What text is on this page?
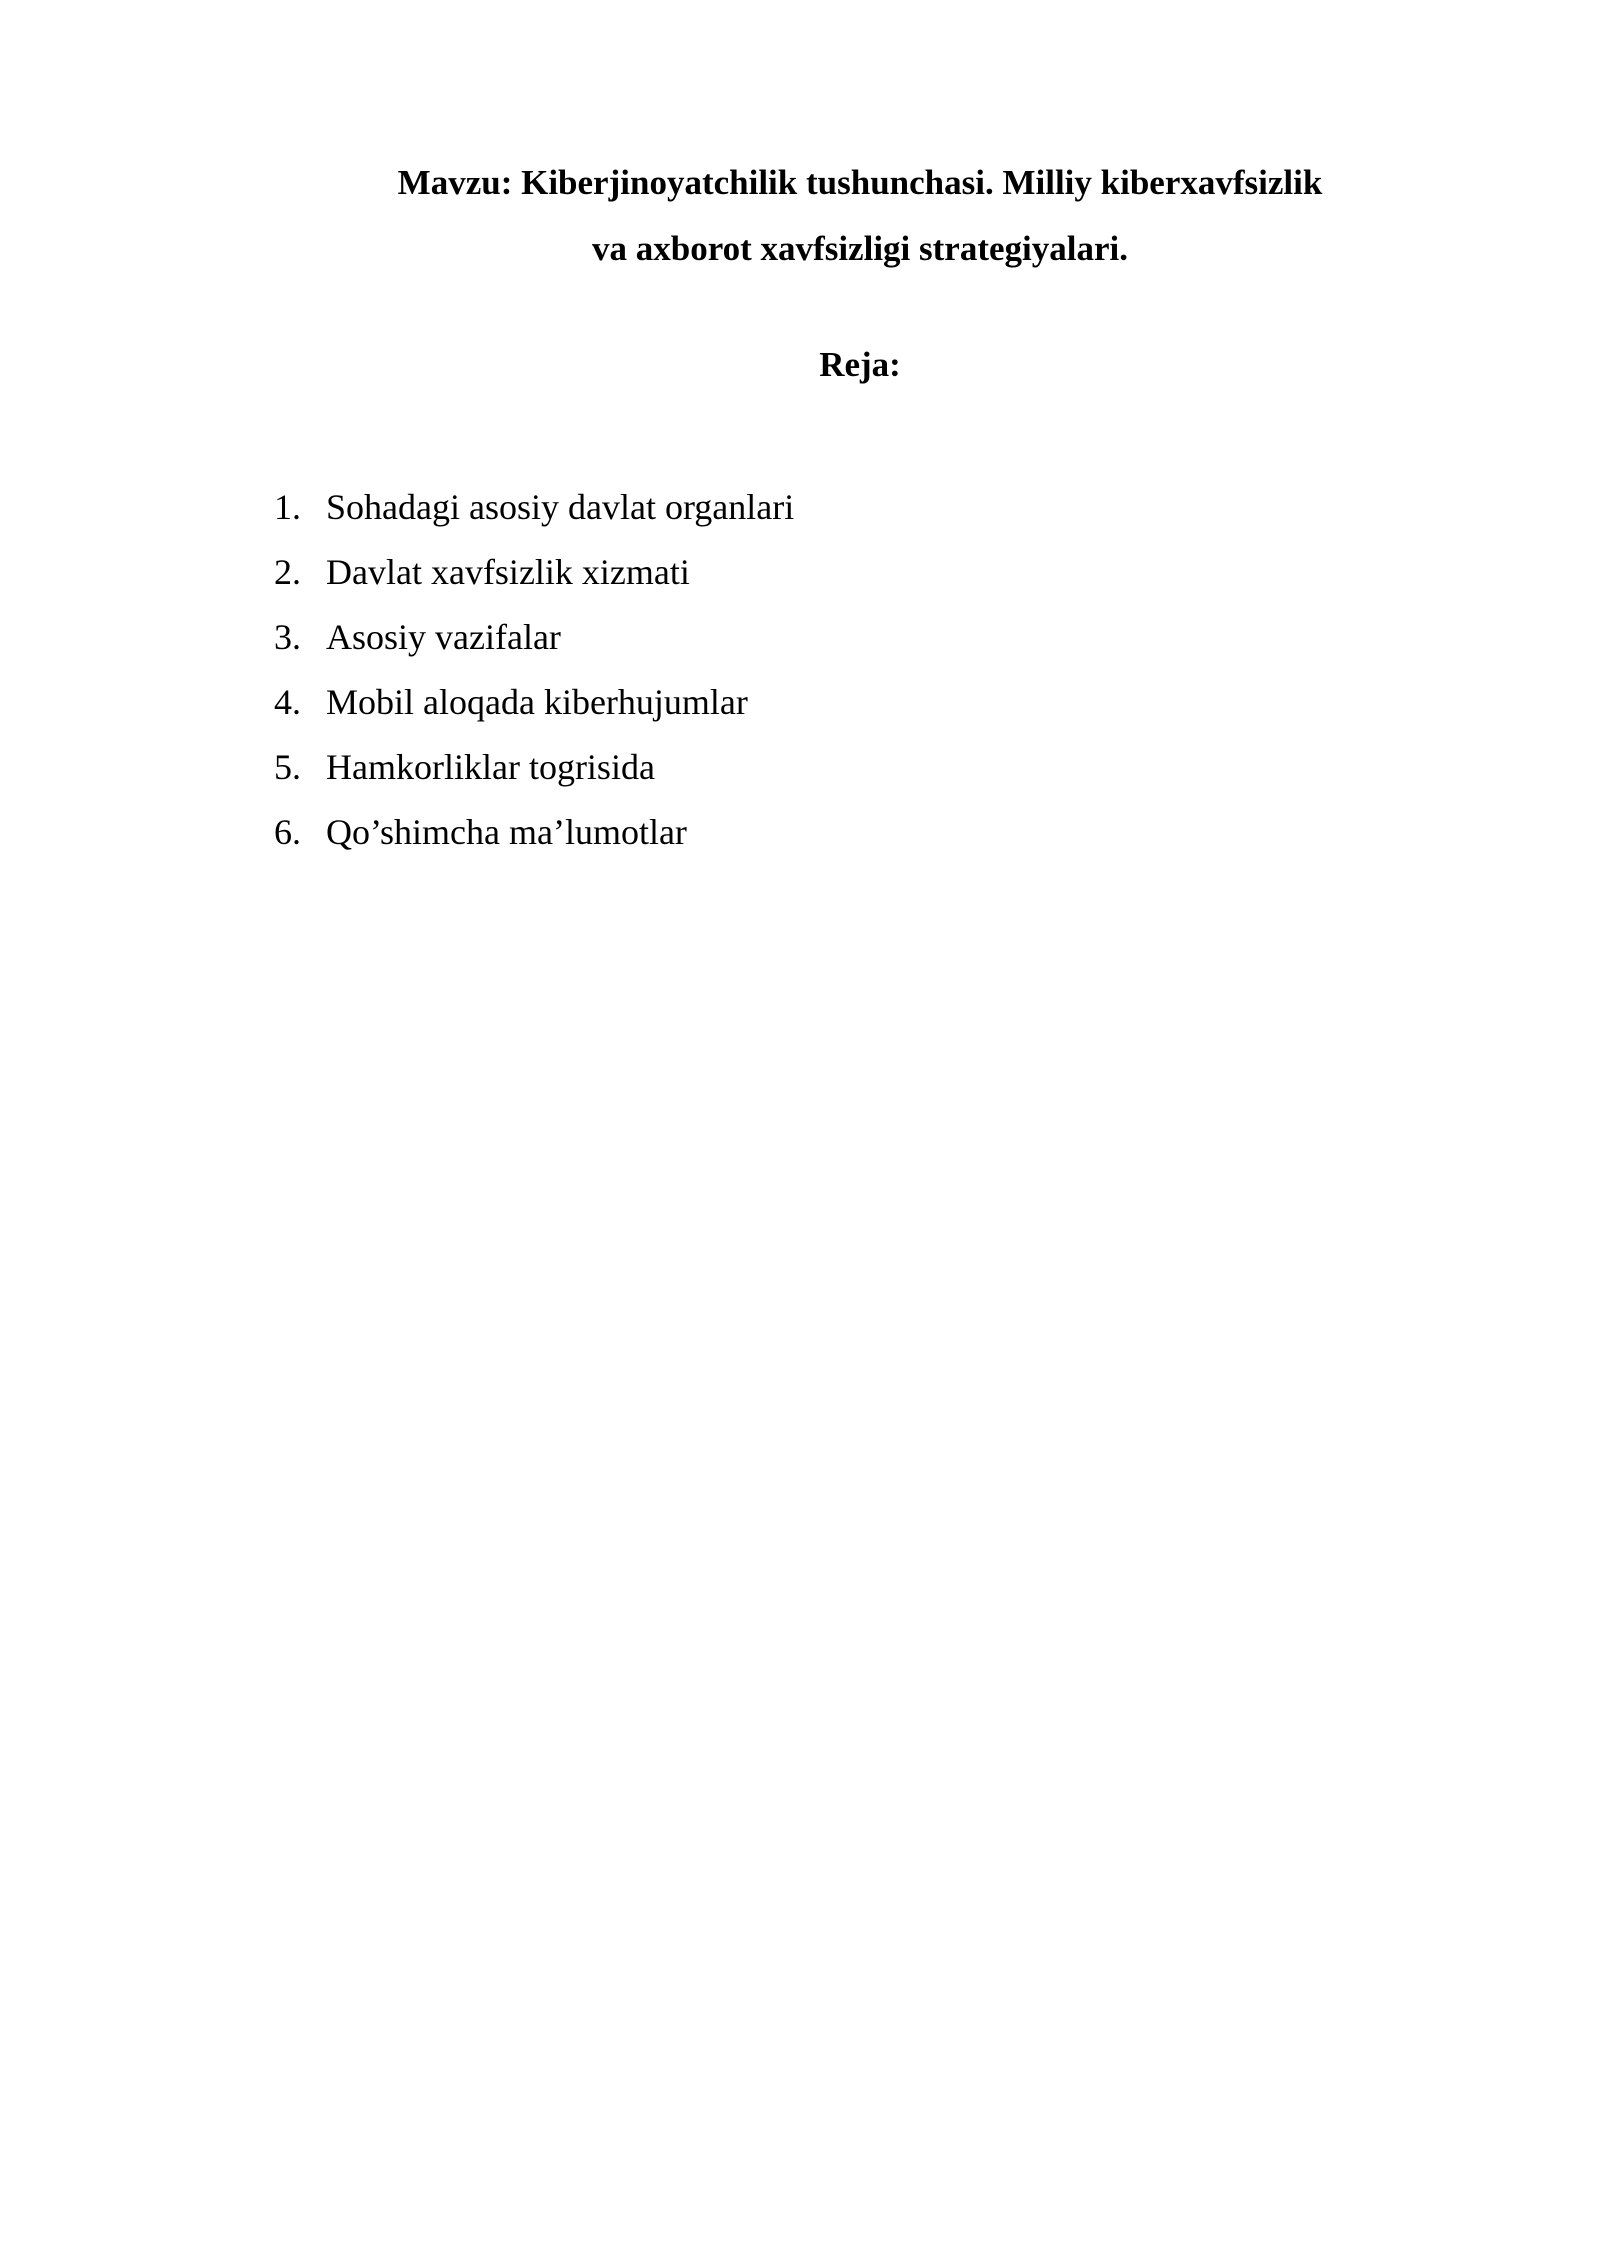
Mavzu: Kiberjinoyatchilik tushunchasi. Milliy kiberxavfsizlik
va axborot xavfsizligi strategiyalari.
Reja:
1. Sohadagi asosiy davlat organlari
2. Davlat xavfsizlik xizmati
3. Asosiy vazifalar
4. Mobil aloqada kiberhujumlar
5. Hamkorliklar togrisida
6. Qo’shimcha ma’lumotlar
